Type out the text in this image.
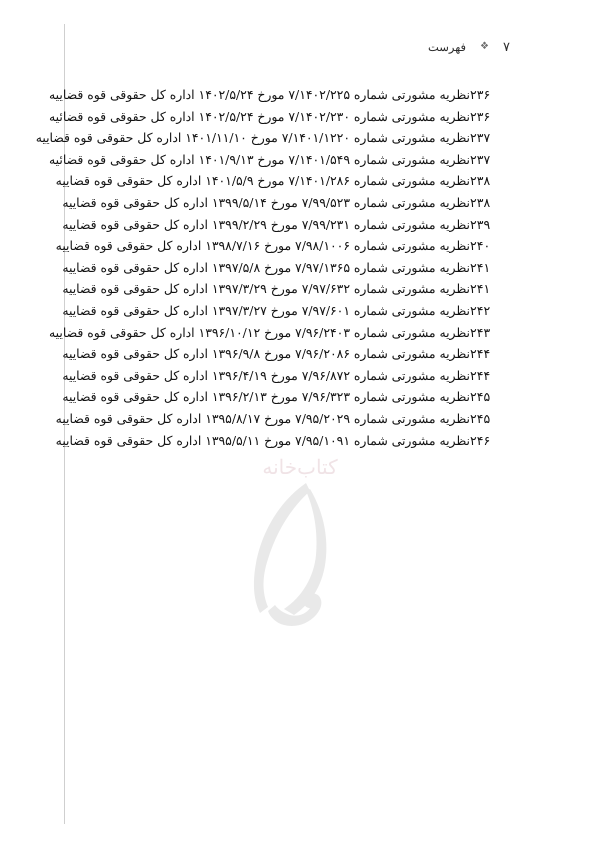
۷
❖
فهرست
۲۳۶
نظریه مشورتی شماره ۷/۱۴۰۲/۲۲۵ مورخ ۱۴۰۲/۵/۲۴ اداره کل حقوقی قوه قضاییه
۲۳۶
نظریه مشورتی شماره ۷/۱۴۰۲/۲۳۰ مورخ ۱۴۰۲/۵/۲۴ اداره کل حقوقی قوه قضائیه
۲۳۷
نظریه مشورتی شماره ۷/۱۴۰۱/۱۲۲۰ مورخ ۱۴۰۱/۱۱/۱۰ اداره کل حقوقی قوه قضاییه
۲۳۷
نظریه مشورتی شماره ۷/۱۴۰۱/۵۴۹ مورخ ۱۴۰۱/۹/۱۳ اداره کل حقوقی قوه قضائیه
۲۳۸
نظریه مشورتی شماره ۷/۱۴۰۱/۲۸۶ مورخ ۱۴۰۱/۵/۹ اداره کل حقوقی قوه قضاییه
۲۳۸
نظریه مشورتی شماره ۷/۹۹/۵۲۳ مورخ ۱۳۹۹/۵/۱۴ اداره کل حقوقی قوه قضاییه
۲۳۹
نظریه مشورتی شماره ۷/۹۹/۲۳۱ مورخ ۱۳۹۹/۲/۲۹ اداره کل حقوقی قوه قضاییه
۲۴۰
نظریه مشورتی شماره ۷/۹۸/۱۰۰۶ مورخ ۱۳۹۸/۷/۱۶ اداره کل حقوقی قوه قضاییه
۲۴۱
نظریه مشورتی شماره ۷/۹۷/۱۳۶۵ مورخ ۱۳۹۷/۵/۸ اداره کل حقوقی قوه قضاییه
۲۴۱
نظریه مشورتی شماره ۷/۹۷/۶۳۲ مورخ ۱۳۹۷/۳/۲۹ اداره کل حقوقی قوه قضاییه
۲۴۲
نظریه مشورتی شماره ۷/۹۷/۶۰۱ مورخ ۱۳۹۷/۳/۲۷ اداره کل حقوقی قوه قضاییه
۲۴۳
نظریه مشورتی شماره ۷/۹۶/۲۴۰۳ مورخ ۱۳۹۶/۱۰/۱۲ اداره کل حقوقی قوه قضاییه
۲۴۴
نظریه مشورتی شماره ۷/۹۶/۲۰۸۶ مورخ ۱۳۹۶/۹/۸ اداره کل حقوقی قوه قضاییه
۲۴۴
نظریه مشورتی شماره ۷/۹۶/۸۷۲ مورخ ۱۳۹۶/۴/۱۹ اداره کل حقوقی قوه قضاییه
۲۴۵
نظریه مشورتی شماره ۷/۹۶/۳۲۳ مورخ ۱۳۹۶/۲/۱۳ اداره کل حقوقی قوه قضاییه
۲۴۵
نظریه مشورتی شماره ۷/۹۵/۲۰۲۹ مورخ ۱۳۹۵/۸/۱۷ اداره کل حقوقی قوه قضاییه
۲۴۶
نظریه مشورتی شماره ۷/۹۵/۱۰۹۱ مورخ ۱۳۹۵/۵/۱۱ اداره کل حقوقی قوه قضاییه
کتاب‌خانه
